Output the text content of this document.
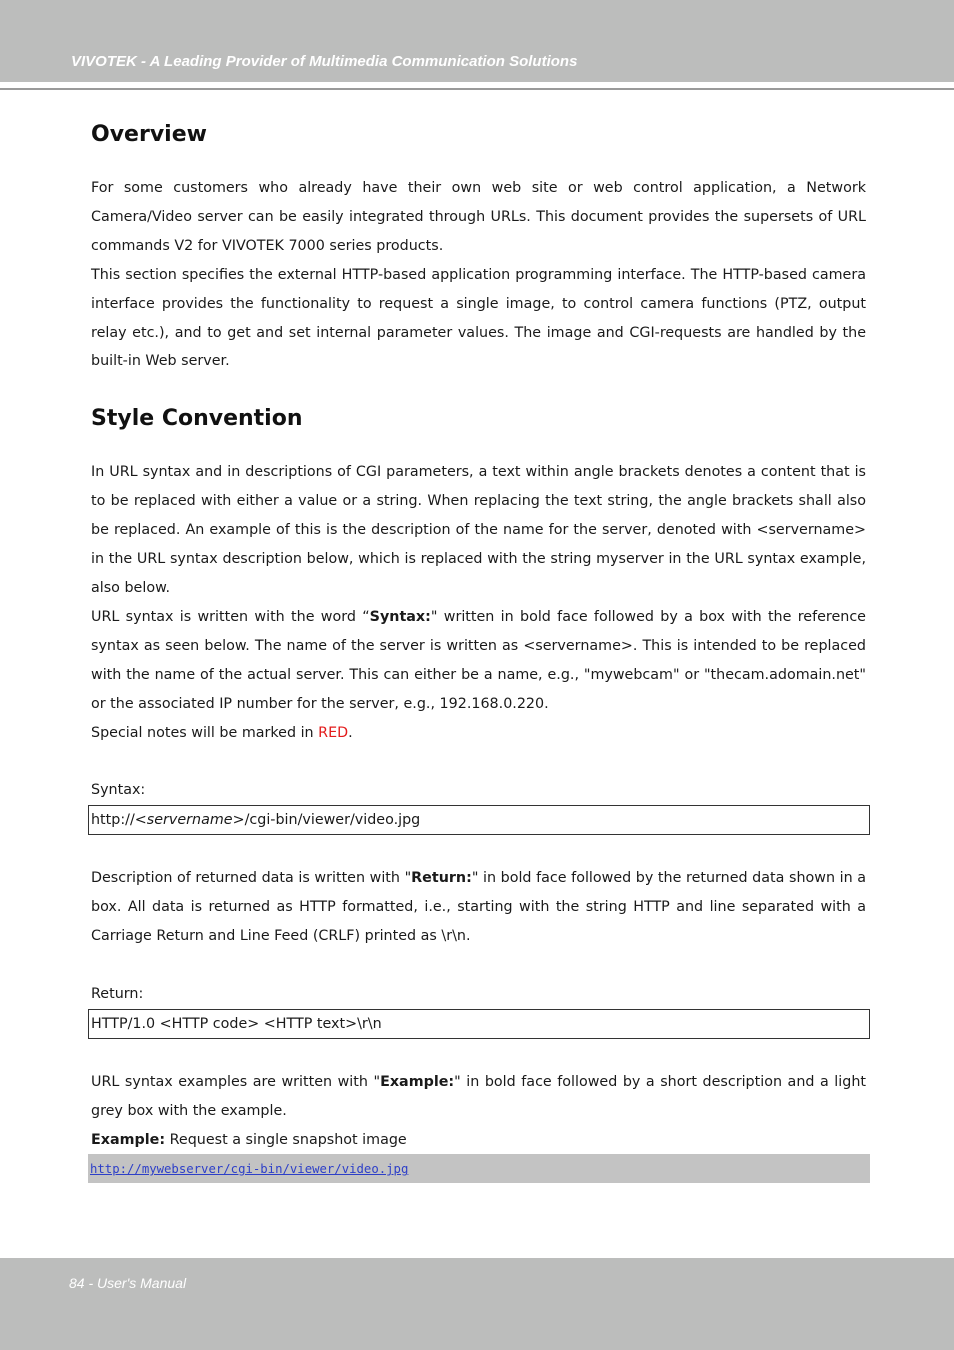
VIVOTEK - A Leading Provider of Multimedia Communication Solutions
Overview

For some customers who already have their own web site or web control application, a Network Camera/Video server can be easily integrated through URLs. This document provides the supersets of URL commands V2 for VIVOTEK 7000 series products.

This section specifies the external HTTP-based application programming interface. The HTTP-based camera interface provides the functionality to request a single image, to control camera functions (PTZ, output relay etc.), and to get and set internal parameter values. The image and CGI-requests are handled by the built-in Web server.

Style Convention

In URL syntax and in descriptions of CGI parameters, a text within angle brackets denotes a content that is to be replaced with either a value or a string. When replacing the text string, the angle brackets shall also be replaced. An example of this is the description of the name for the server, denoted with <servername> in the URL syntax description below, which is replaced with the string myserver in the URL syntax example, also below.

URL syntax is written with the word “Syntax:" written in bold face followed by a box with the reference syntax as seen below. The name of the server is written as <servername>. This is intended to be replaced with the name of the actual server. This can either be a name, e.g., "mywebcam" or "thecam.adomain.net" or the associated IP number for the server, e.g., 192.168.0.220.

Special notes will be marked in RED.

Syntax:

http://<servername>/cgi-bin/viewer/video.jpg

Description of returned data is written with "Return:" in bold face followed by the returned data shown in a box. All data is returned as HTTP formatted, i.e., starting with the string HTTP and line separated with a Carriage Return and Line Feed (CRLF) printed as \r\n.

Return:

HTTP/1.0 <HTTP code> <HTTP text>\r\n

URL syntax examples are written with "Example:" in bold face followed by a short description and a light grey box with the example.

Example: Request a single snapshot image

http://mywebserver/cgi-bin/viewer/video.jpg
84 - User's Manual
